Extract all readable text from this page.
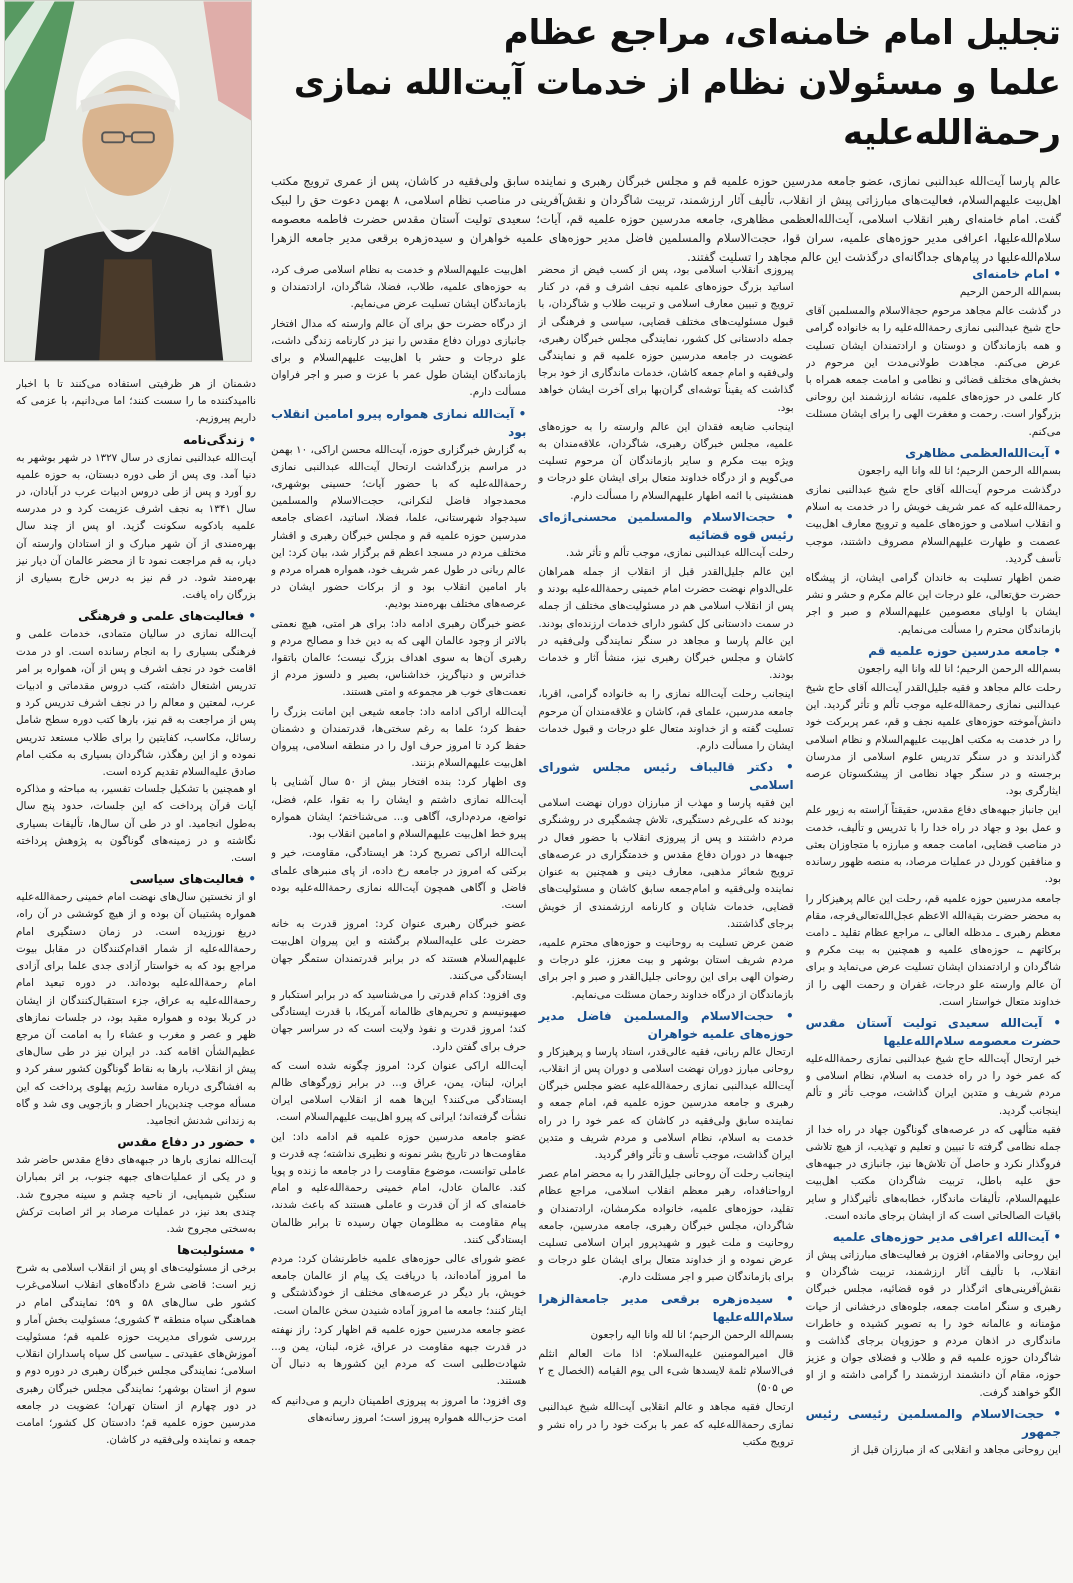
تجلیل امام خامنه‌ای، مراجع عظام
علما و مسئولان نظام از خدمات آیت‌الله نمازی رحمة‌الله‌علیه

عالم پارسا آیت‌الله عبدالنبی نمازی، عضو جامعه مدرسین حوزه علمیه قم و مجلس خبرگان رهبری و نماینده سابق ولی‌فقیه در کاشان، پس از عمری ترویج مکتب اهل‌بیت علیهم‌السلام، فعالیت‌های مبارزاتی پیش از انقلاب، تألیف آثار ارزشمند، تربیت شاگردان و نقش‌آفرینی در مناصب نظام اسلامی، ۸ بهمن دعوت حق را لبیک گفت. امام خامنه‌ای رهبر انقلاب اسلامی، آیت‌الله‌العظمی مظاهری، جامعه مدرسین حوزه علمیه قم، آیات؛ سعیدی تولیت آستان مقدس حضرت فاطمه معصومه سلام‌الله‌علیها، اعرافی مدیر حوزه‌های علمیه، سران قوا، حجت‌الاسلام والمسلمین فاضل مدیر حوزه‌های علمیه خواهران و سیده‌زهره برقعی مدیر جامعه الزهرا سلام‌الله‌علیها در پیام‌های جداگانه‌ای درگذشت این عالم مجاهد را تسلیت گفتند.

• امام خامنه‌ای

بسم‌الله الرحمن الرحیم

در گذشت عالم مجاهد مرحوم حجةالاسلام والمسلمین آقای حاج شیخ عبدالنبی نمازی رحمة‌الله‌علیه را به خانواده گرامی و همه بازماندگان و دوستان و ارادتمندان ایشان تسلیت عرض می‌کنم. مجاهدت طولانی‌مدت این مرحوم در بخش‌های مختلف قضائی و نظامی و امامت جمعه همراه با کار علمی در حوزه‌های علمیه، نشانه ارزشمند این روحانی بزرگوار است. رحمت و مغفرت الهی را برای ایشان مسئلت می‌کنم.

• آیت‌الله‌العظمی مظاهری

بسم‌الله الرحمن الرحیم؛ انا لله وانا الیه راجعون

درگذشت مرحوم آیت‌الله آقای حاج شیخ عبدالنبی نمازی رحمة‌الله‌علیه که عمر شریف خویش را در خدمت به اسلام و انقلاب اسلامی و حوزه‌های علمیه و ترویج معارف اهل‌بیت عصمت و طهارت علیهم‌السلام مصروف داشتند، موجب تأسف گردید.

ضمن اظهار تسلیت به خاندان گرامی ایشان، از پیشگاه حضرت حق‌تعالی، علو درجات این عالم مکرم و حشر و نشر ایشان با اولیای معصومین علیهم‌السلام و صبر و اجر بازماندگان محترم را مسألت می‌نمایم.

• جامعه مدرسین حوزه علمیه قم

بسم‌الله الرحمن الرحیم؛ انا لله وانا الیه راجعون

رحلت عالم مجاهد و فقیه جلیل‌القدر آیت‌الله آقای حاج شیخ عبدالنبی نمازی رحمة‌الله‌علیه موجب تألم و تأثر گردید. این دانش‌آموخته حوزه‌های علمیه نجف و قم، عمر پربرکت خود را در خدمت به مکتب اهل‌بیت علیهم‌السلام و نظام اسلامی گذراندند و در سنگر تدریس علوم اسلامی از مدرسان برجسته و در سنگر جهاد نظامی از پیشکسوتان عرصه ایثارگری بود.

این جانباز جبهه‌های دفاع مقدس، حقیقتاً آراسته به زیور علم و عمل بود و جهاد در راه خدا را با تدریس و تألیف، خدمت در مناصب قضایی، امامت جمعه و مبارزه با متجاوزان بعثی و منافقین کوردل در عملیات مرصاد، به منصه ظهور رسانده بود.

جامعه مدرسین حوزه علمیه قم، رحلت این عالم پرهیزکار را به محضر حضرت بقیةالله الاعظم عجل‌الله‌تعالی‌فرجه، مقام معظم رهبری ـ مدظله العالی ـ، مراجع عظام تقلید ـ دامت برکاتهم ـ، حوزه‌های علمیه و همچنین به بیت مکرم و شاگردان و ارادتمندان ایشان تسلیت عرض می‌نماید و برای آن عالم وارسته علو درجات، غفران و رحمت الهی را از خداوند متعال خواستار است.

• آیت‌الله سعیدی تولیت آستان مقدس حضرت معصومه سلام‌الله‌علیها

خبر ارتحال آیت‌الله حاج شیخ عبدالنبی نمازی رحمة‌الله‌علیه که عمر خود را در راه خدمت به اسلام، نظام اسلامی و مردم شریف و متدین ایران گذاشت، موجب تأثر و تألم اینجانب گردید.

فقیه متألهی که در عرصه‌های گوناگون جهاد در راه خدا از جمله نظامی گرفته تا تبیین و تعلیم و تهذیب، از هیچ تلاشی فروگذار نکرد و حاصل آن تلاش‌ها نیز، جانبازی در جبهه‌های حق علیه باطل، تربیت شاگردان مکتب اهل‌بیت علیهم‌السلام، تألیفات ماندگار، خطابه‌های تأثیرگذار و سایر باقیات الصالحاتی است که از ایشان برجای مانده است.

• آیت‌الله اعرافی مدیر حوزه‌های علمیه

این روحانی والامقام، افزون بر فعالیت‌های مبارزاتی پیش از انقلاب، با تألیف آثار ارزشمند، تربیت شاگردان و نقش‌آفرینی‌های اثرگذار در قوه قضائیه، مجلس خبرگان رهبری و سنگر امامت جمعه، جلوه‌های درخشانی از حیات مؤمنانه و عالمانه خود را به تصویر کشیده و خاطرات ماندگاری در اذهان مردم و حوزویان برجای گذاشت و شاگردان حوزه علمیه قم و طلاب و فضلای جوان و عزیز حوزه، مقام آن دانشمند ارزشمند را گرامی داشته و از او الگو خواهند گرفت.

• حجت‌الاسلام والمسلمین رئیسی رئیس جمهور

این روحانی مجاهد و انقلابی که از مبارزان قبل از

پیروزی انقلاب اسلامی بود، پس از کسب فیض از محضر اساتید بزرگ حوزه‌های علمیه نجف اشرف و قم، در کنار ترویج و تبیین معارف اسلامی و تربیت طلاب و شاگردان، با قبول مسئولیت‌های مختلف قضایی، سیاسی و فرهنگی از جمله دادستانی کل کشور، نمایندگی مجلس خبرگان رهبری، عضویت در جامعه مدرسین حوزه علمیه قم و نمایندگی ولی‌فقیه و امام جمعه کاشان، خدمات ماندگاری از خود برجا گذاشت که یقیناً توشه‌ای گران‌بها برای آخرت ایشان خواهد بود.

اینجانب ضایعه فقدان این عالم وارسته را به حوزه‌های علمیه، مجلس خبرگان رهبری، شاگردان، علاقه‌مندان به ویژه بیت مکرم و سایر بازماندگان آن مرحوم تسلیت می‌گویم و از درگاه خداوند متعال برای ایشان علو درجات و همنشینی با ائمه اطهار علیهم‌السلام را مسألت دارم.

• حجت‌الاسلام والمسلمین محسنی‌اژه‌ای رئیس قوه قضائیه

رحلت آیت‌الله عبدالنبی نمازی، موجب تألم و تأثر شد.

این عالم جلیل‌القدر قبل از انقلاب از جمله همراهان علی‌الدوام نهضت حضرت امام خمینی رحمة‌الله‌علیه بودند و پس از انقلاب اسلامی هم در مسئولیت‌های مختلف از جمله در سمت دادستانی کل کشور دارای خدمات ارزنده‌ای بودند. این عالم پارسا و مجاهد در سنگر نمایندگی ولی‌فقیه در کاشان و مجلس خبرگان رهبری نیز، منشأ آثار و خدمات بودند.

اینجانب رحلت آیت‌الله نمازی را به خانواده گرامی، اقربا، جامعه مدرسین، علمای قم، کاشان و علاقه‌مندان آن مرحوم تسلیت گفته و از خداوند متعال علو درجات و قبول خدمات ایشان را مسألت دارم.

• دکتر قالیباف رئیس مجلس شورای اسلامی

این فقیه پارسا و مهذب از مبارزان دوران نهضت اسلامی بودند که علی‌رغم دستگیری، تلاش چشمگیری در روشنگری مردم داشتند و پس از پیروزی انقلاب با حضور فعال در جبهه‌ها در دوران دفاع مقدس و خدمتگزاری در عرصه‌های ترویج شعائر مذهبی، معارف دینی و همچنین به عنوان نماینده ولی‌فقیه و امام‌جمعه سابق کاشان و مسئولیت‌های قضایی، خدمات شایان و کارنامه ارزشمندی از خویش برجای گذاشتند.

ضمن عرض تسلیت به روحانیت و حوزه‌های محترم علمیه، مردم شریف استان بوشهر و بیت معزز، علو درجات و رضوان الهی برای این روحانی جلیل‌القدر و صبر و اجر برای بازماندگان از درگاه خداوند رحمان مسئلت می‌نمایم.

• حجت‌الاسلام والمسلمین فاضل مدیر حوزه‌های علمیه خواهران

ارتحال عالم ربانی، فقیه عالی‌قدر، استاد پارسا و پرهیزکار و روحانی مبارز دوران نهضت اسلامی و دوران پس از انقلاب، آیت‌الله عبدالنبی نمازی رحمة‌الله‌علیه عضو مجلس خبرگان رهبری و جامعه مدرسین حوزه علمیه قم، امام جمعه و نماینده سابق ولی‌فقیه در کاشان که عمر خود را در راه خدمت به اسلام، نظام اسلامی و مردم شریف و متدین ایران گذاشت، موجب تأسف و تأثر وافر گردید.

اینجانب رحلت آن روحانی جلیل‌القدر را به محضر امام عصر ارواحنافداه، رهبر معظم انقلاب اسلامی، مراجع عظام تقلید، حوزه‌های علمیه، خانواده مکرمشان، ارادتمندان و شاگردان، مجلس خبرگان رهبری، جامعه مدرسین، جامعه روحانیت و ملت غیور و شهیدپرور ایران اسلامی تسلیت عرض نموده و از خداوند متعال برای ایشان علو درجات و برای بازماندگان صبر و اجر مسئلت دارم.

• سیده‌زهره برقعی مدیر جامعة‌الزهرا سلام‌الله‌علیها

بسم‌الله الرحمن الرحیم؛ انا لله وانا الیه راجعون

قال امیرالمومنین علیه‌السلام: اذا مات العالم انثلم فی‌الاسلام ثلمة لایسدها شیء الی یوم القیامه (الخصال ج ۲ ص ۵۰۵)

ارتحال فقیه مجاهد و عالم انقلابی آیت‌الله شیخ عبدالنبی نمازی رحمة‌الله‌علیه که عمر با برکت خود را در راه نشر و ترویج مکتب

اهل‌بیت علیهم‌السلام و خدمت به نظام اسلامی صرف کرد، به حوزه‌های علمیه، طلاب، فضلا، شاگردان، ارادتمندان و بازماندگان ایشان تسلیت عرض می‌نمایم.

از درگاه حضرت حق برای آن عالم وارسته که مدال افتخار جانبازی دوران دفاع مقدس را نیز در کارنامه زندگی داشت، علو درجات و حشر با اهل‌بیت علیهم‌السلام و برای بازماندگان ایشان طول عمر با عزت و صبر و اجر فراوان مسألت دارم.

• آیت‌الله نمازی همواره پیرو امامین انقلاب بود

به گزارش خبرگزاری حوزه، آیت‌الله محسن اراکی، ۱۰ بهمن در مراسم بزرگداشت ارتحال آیت‌الله عبدالنبی نمازی رحمة‌الله‌علیه که با حضور آیات؛ حسینی بوشهری، محمدجواد فاضل لنکرانی، حجت‌الاسلام والمسلمین سیدجواد شهرستانی، علما، فضلا، اساتید، اعضای جامعه مدرسین حوزه علمیه قم و مجلس خبرگان رهبری و اقشار مختلف مردم در مسجد اعظم قم برگزار شد، بیان کرد: این عالم ربانی در طول عمر شریف خود، همواره همراه مردم و یار امامین انقلاب بود و از برکات حضور ایشان در عرصه‌های مختلف بهره‌مند بودیم.

عضو خبرگان رهبری ادامه داد: برای هر امتی، هیچ نعمتی بالاتر از وجود عالمان الهی که به دین خدا و مصالح مردم و رهبری آن‌ها به سوی اهداف بزرگ نیست؛ عالمان باتقوا، خداترس و دنیاگریز، خداشناس، بصیر و دلسوز مردم از نعمت‌های خوب هر مجموعه و امتی هستند.

آیت‌الله اراکی ادامه داد: جامعه شیعی این امانت بزرگ را حفظ کرد؛ علما به رغم سختی‌ها، قدرتمندان و دشمنان حفظ کرد تا امروز حرف اول را در منطقه اسلامی، پیروان اهل‌بیت علیهم‌السلام بزنند.

وی اظهار کرد: بنده افتخار بیش از ۵۰ سال آشنایی با آیت‌الله نمازی داشتم و ایشان را به تقوا، علم، فضل، تواضع، مردم‌داری، آگاهی و... می‌شناختم؛ ایشان همواره پیرو خط اهل‌بیت علیهم‌السلام و امامین انقلاب بود.

آیت‌الله اراکی تصریح کرد: هر ایستادگی، مقاومت، خیر و برکتی که امروز در جامعه رخ داده، از پای منبرهای علمای فاضل و آگاهی همچون آیت‌الله نمازی رحمة‌الله‌علیه بوده است.

عضو خبرگان رهبری عنوان کرد: امروز قدرت به خانه حضرت علی علیه‌السلام برگشته و این پیروان اهل‌بیت علیهم‌السلام هستند که در برابر قدرتمندان ستمگر جهان ایستادگی می‌کنند.

وی افزود: کدام قدرتی را می‌شناسید که در برابر استکبار و صهیونیسم و تحریم‌های ظالمانه آمریکا، با قدرت ایستادگی کند؛ امروز قدرت و نفوذ ولایت است که در سراسر جهان حرف برای گفتن دارد.

آیت‌الله اراکی عنوان کرد: امروز چگونه شده است که ایران، لبنان، یمن، عراق و... در برابر زورگوهای ظالم ایستادگی می‌کنند؟ این‌ها همه از انقلاب اسلامی ایران نشأت گرفته‌اند؛ ایرانی که پیرو اهل‌بیت علیهم‌السلام است.

عضو جامعه مدرسین حوزه علمیه قم ادامه داد: این مقاومت‌ها در تاریخ بشر نمونه و نظیری نداشته؛ چه قدرت و عاملی توانست، موضوع مقاومت را در جامعه ما زنده و پویا کند. عالمان عادل، امام خمینی رحمة‌الله‌علیه و امام خامنه‌ای که از آن قدرت و عاملی هستند که باعث شدند، پیام مقاومت به مظلومان جهان رسیده تا برابر ظالمان ایستادگی کنند.

عضو شورای عالی حوزه‌های علمیه خاطرنشان کرد: مردم ما امروز آماده‌اند، با دریافت یک پیام از عالمان جامعه خویش، بار دیگر در عرصه‌های مختلف از خودگذشتگی و ایثار کنند؛ جامعه ما امروز آماده شنیدن سخن عالمان است.

عضو جامعه مدرسین حوزه علمیه قم اظهار کرد: راز نهفته در قدرت جبهه مقاومت در عراق، غزه، لبنان، یمن و... شهادت‌طلبی است که مردم این کشورها به دنبال آن هستند.

وی افزود: ما امروز به پیروزی اطمینان داریم و می‌دانیم که امت حزب‌الله همواره پیروز است؛ امروز رسانه‌های

دشمنان از هر ظرفیتی استفاده می‌کنند تا با اخبار ناامیدکننده ما را سست کنند؛ اما می‌دانیم، با عزمی که داریم پیروزیم.

• زندگی‌نامه

آیت‌الله عبدالنبی نمازی در سال ۱۳۲۷ در شهر بوشهر به دنیا آمد. وی پس از طی دوره دبستان، به حوزه علمیه رو آورد و پس از طی دروس ادبیات عرب در آبادان، در سال ۱۳۴۱ به نجف اشرف عزیمت کرد و در مدرسه علمیه بادکوبه سکونت گزید. او پس از چند سال بهره‌مندی از آن شهر مبارک و از استادان وارسته آن دیار، به قم مراجعت نمود تا از محضر عالمان آن دیار نیز بهره‌مند شود. در قم نیز به درس خارج بسیاری از بزرگان راه یافت.

• فعالیت‌های علمی و فرهنگی

آیت‌الله نمازی در سالیان متمادی، خدمات علمی و فرهنگی بسیاری را به انجام رسانده است. او در مدت اقامت خود در نجف اشرف و پس از آن، همواره بر امر تدریس اشتغال داشته، کتب دروس مقدماتی و ادبیات عرب، لمعتین و معالم را در نجف اشرف تدریس کرد و پس از مراجعت به قم نیز، بارها کتب دوره سطح شامل رسائل، مکاسب، کفایتین را برای طلاب مستعد تدریس نموده و از این رهگذر، شاگردان بسیاری به مکتب امام صادق علیه‌السلام تقدیم کرده است.

او همچنین با تشکیل جلسات تفسیر، به مباحثه و مذاکره آیات قرآن پرداخت که این جلسات، حدود پنج سال به‌طول انجامید. او در طی آن سال‌ها، تألیفات بسیاری نگاشته و در زمینه‌های گوناگون به پژوهش پرداخته است.

• فعالیت‌های سیاسی

او از نخستین سال‌های نهضت امام خمینی رحمة‌الله‌علیه همواره پشتیبان آن بوده و از هیچ کوششی در آن راه، دریغ نورزیده است. در زمان دستگیری امام رحمة‌الله‌علیه از شمار اقدام‌کنندگان در مقابل بیوت مراجع بود که به خواستار آزادی جدی علما برای آزادی امام رحمة‌الله‌علیه بوده‌اند. در دوره تبعید امام رحمة‌الله‌علیه به عراق، جزء استقبال‌کنندگان از ایشان در کربلا بوده و همواره مقید بود، در جلسات نمازهای ظهر و عصر و مغرب و عشاء را به امامت آن مرجع عظیم‌الشأن اقامه کند. در ایران نیز در طی سال‌های پیش از انقلاب، بارها به نقاط گوناگون کشور سفر کرد و به افشاگری درباره مفاسد رژیم پهلوی پرداخت که این مسأله موجب چندین‌بار احضار و بازجویی وی شد و گاه به زندانی شدنش انجامید.

• حضور در دفاع مقدس

آیت‌الله نمازی بارها در جبهه‌های دفاع مقدس حاضر شد و در یکی از عملیات‌های جبهه جنوب، بر اثر بمباران سنگین شیمیایی، از ناحیه چشم و سینه مجروح شد. چندی بعد نیز، در عملیات مرصاد بر اثر اصابت ترکش به‌سختی مجروح شد.

• مسئولیت‌ها

برخی از مسئولیت‌های او پس از انقلاب اسلامی به شرح زیر است: قاضی شرع دادگاه‌های انقلاب اسلامی‌غرب کشور طی سال‌های ۵۸ و ۵۹؛ نمایندگی امام در هماهنگی سپاه منطقه ۳ کشوری؛ مسئولیت بخش آمار و بررسی شورای مدیریت حوزه علمیه قم؛ مسئولیت آموزش‌های عقیدتی ـ سیاسی کل سپاه پاسداران انقلاب اسلامی؛ نمایندگی مجلس خبرگان رهبری در دوره دوم و سوم از استان بوشهر؛ نمایندگی مجلس خبرگان رهبری در دور چهارم از استان تهران؛ عضویت در جامعه مدرسین حوزه علمیه قم؛ دادستان کل کشور؛ امامت جمعه و نماینده ولی‌فقیه در کاشان.
